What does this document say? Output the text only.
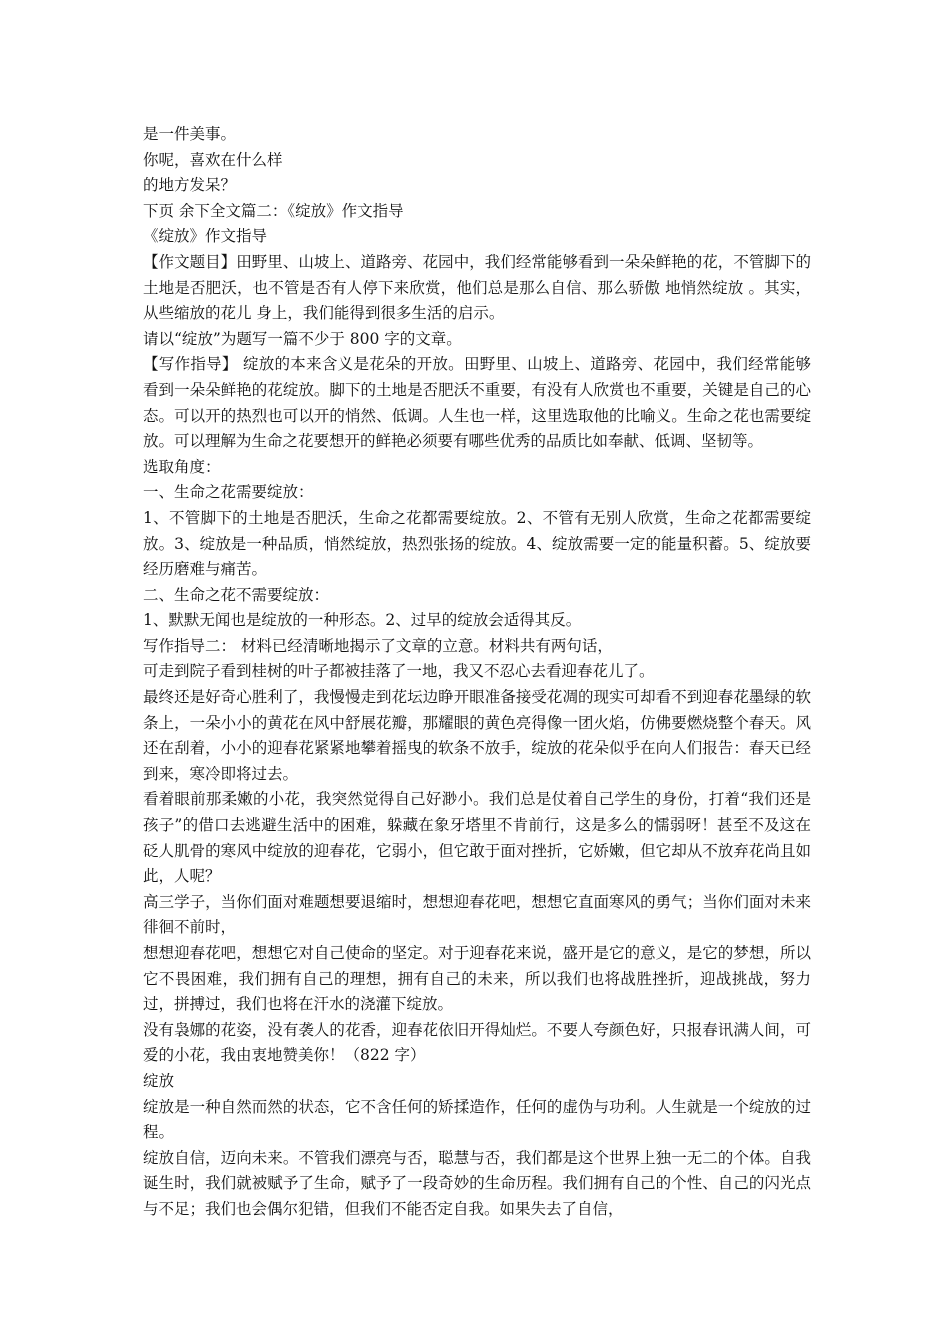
是一件美事。

你呢，喜欢在什么样

的地方发呆？

下页 余下全文篇二：《绽放》作文指导

《绽放》作文指导

【作文题目】田野里、山坡上、道路旁、花园中，我们经常能够看到一朵朵鲜艳的花，不管脚下的土地是否肥沃，也不管是否有人停下来欣赏，他们总是那么自信、那么骄傲 地悄然绽放 。其实，从些缩放的花儿 身上，我们能得到很多生活的启示。

请以“绽放”为题写一篇不少于 800 字的文章。

【写作指导】 绽放的本来含义是花朵的开放。田野里、山坡上、道路旁、花园中，我们经常能够看到一朵朵鲜艳的花绽放。脚下的土地是否肥沃不重要，有没有人欣赏也不重要，关键是自己的心态。可以开的热烈也可以开的悄然、低调。人生也一样，这里选取他的比喻义。生命之花也需要绽放。可以理解为生命之花要想开的鲜艳必须要有哪些优秀的品质比如奉献、低调、坚韧等。

选取角度：

一、生命之花需要绽放：

1、不管脚下的土地是否肥沃，生命之花都需要绽放。2、不管有无别人欣赏，生命之花都需要绽放。3、绽放是一种品质，悄然绽放，热烈张扬的绽放。4、绽放需要一定的能量积蓄。5、绽放要经历磨难与痛苦。

二、生命之花不需要绽放：

1、默默无闻也是绽放的一种形态。2、过早的绽放会适得其反。

写作指导二： 材料已经清晰地揭示了文章的立意。材料共有两句话，

可走到院子看到桂树的叶子都被挂落了一地，我又不忍心去看迎春花儿了。

最终还是好奇心胜利了，我慢慢走到花坛边睁开眼准备接受花凋的现实可却看不到迎春花墨绿的软条上，一朵小小的黄花在风中舒展花瓣，那耀眼的黄色亮得像一团火焰，仿佛要燃烧整个春天。风还在刮着，小小的迎春花紧紧地攀着摇曳的软条不放手，绽放的花朵似乎在向人们报告：春天已经到来，寒冷即将过去。

看着眼前那柔嫩的小花，我突然觉得自己好渺小。我们总是仗着自己学生的身份，打着“我们还是孩子”的借口去逃避生活中的困难，躲藏在象牙塔里不肯前行，这是多么的懦弱呀！甚至不及这在砭人肌骨的寒风中绽放的迎春花，它弱小，但它敢于面对挫折，它娇嫩，但它却从不放弃花尚且如此，人呢？

高三学子，当你们面对难题想要退缩时，想想迎春花吧，想想它直面寒风的勇气；当你们面对未来徘徊不前时，

想想迎春花吧，想想它对自己使命的坚定。对于迎春花来说，盛开是它的意义，是它的梦想，所以它不畏困难，我们拥有自己的理想，拥有自己的未来，所以我们也将战胜挫折，迎战挑战，努力过，拼搏过，我们也将在汗水的浇灌下绽放。

没有袅娜的花姿，没有袭人的花香，迎春花依旧开得灿烂。不要人夸颜色好，只报春讯满人间，可爱的小花，我由衷地赞美你！（822 字）

绽放

绽放是一种自然而然的状态，它不含任何的矫揉造作，任何的虚伪与功利。人生就是一个绽放的过程。

绽放自信，迈向未来。不管我们漂亮与否，聪慧与否，我们都是这个世界上独一无二的个体。自我诞生时，我们就被赋予了生命，赋予了一段奇妙的生命历程。我们拥有自己的个性、自己的闪光点与不足；我们也会偶尔犯错，但我们不能否定自我。如果失去了自信，
